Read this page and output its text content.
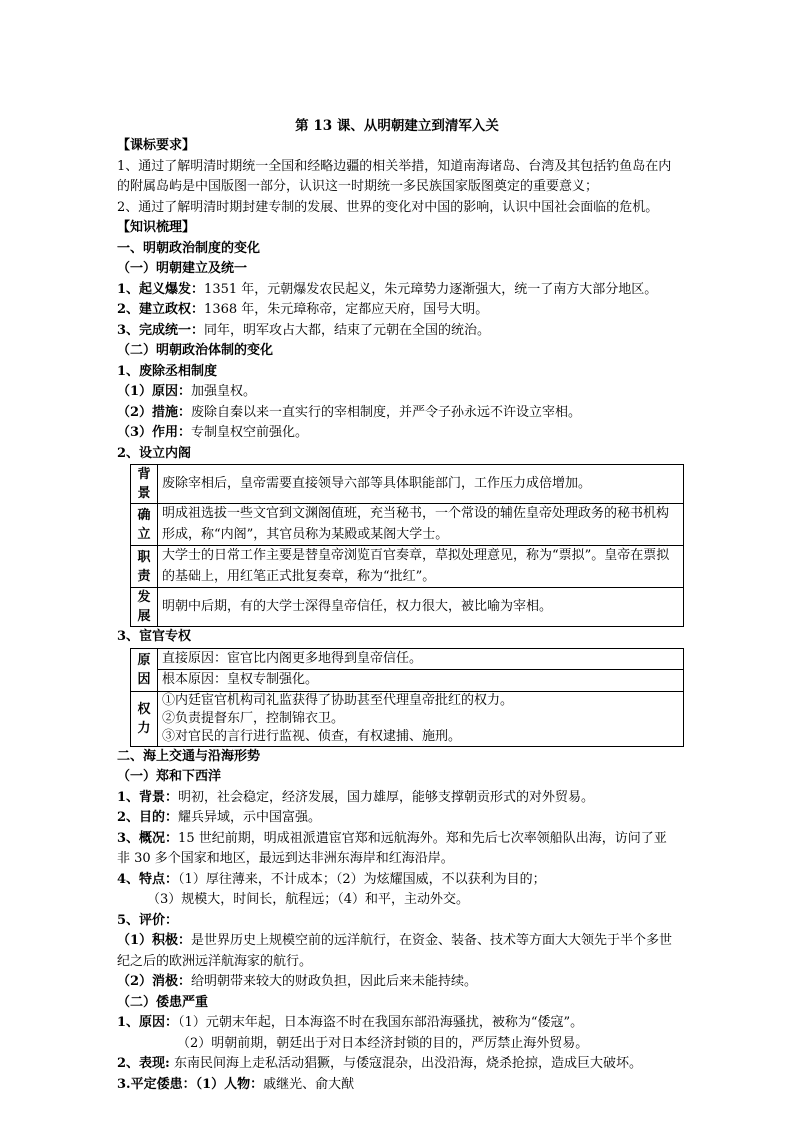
第 13 课、从明朝建立到清军入关
【课标要求】
1、通过了解明清时期统一全国和经略边疆的相关举措，知道南海诸岛、台湾及其包括钓鱼岛在内的附属岛屿是中国版图一部分，认识这一时期统一多民族国家版图奠定的重要意义；
2、通过了解明清时期封建专制的发展、世界的变化对中国的影响，认识中国社会面临的危机。
【知识梳理】
一、明朝政治制度的变化
（一）明朝建立及统一
1、起义爆发：1351 年，元朝爆发农民起义，朱元璋势力逐渐强大，统一了南方大部分地区。
2、建立政权：1368 年，朱元璋称帝，定都应天府，国号大明。
3、完成统一：同年，明军攻占大都，结束了元朝在全国的统治。
（二）明朝政治体制的变化
1、废除丞相制度
（1）原因：加强皇权。
（2）措施：废除自秦以来一直实行的宰相制度，并严令子孙永远不许设立宰相。
（3）作用：专制皇权空前强化。
2、设立内阁
背景	废除宰相后，皇帝需要直接领导六部等具体职能部门，工作压力成倍增加。
确立	明成祖选拔一些文官到文渊阁值班，充当秘书，一个常设的辅佐皇帝处理政务的秘书机构形成，称“内阁”，其官员称为某殿或某阁大学士。
职责	大学士的日常工作主要是替皇帝浏览百官奏章，草拟处理意见，称为“票拟”。皇帝在票拟的基础上，用红笔正式批复奏章，称为“批红”。
发展	明朝中后期，有的大学士深得皇帝信任，权力很大，被比喻为宰相。
3、宦官专权
原因	直接原因：宦官比内阁更多地得到皇帝信任。
	根本原因：皇权专制强化。
权力	①内廷宦官机构司礼监获得了协助甚至代理皇帝批红的权力。
②负责提督东厂，控制锦衣卫。
③对官民的言行进行监视、侦查，有权逮捕、施刑。
二、海上交通与沿海形势
（一）郑和下西洋
1、背景：明初，社会稳定，经济发展，国力雄厚，能够支撑朝贡形式的对外贸易。
2、目的：耀兵异域，示中国富强。
3、概况：15 世纪前期，明成祖派遣宦官郑和远航海外。郑和先后七次率领船队出海，访问了亚非 30 多个国家和地区，最远到达非洲东海岸和红海沿岸。
4、特点：（1）厚往薄来，不计成本；（2）为炫耀国威，不以获利为目的；
（3）规模大，时间长，航程远；（4）和平，主动外交。
5、评价：
（1）积极：是世界历史上规模空前的远洋航行，在资金、装备、技术等方面大大领先于半个多世纪之后的欧洲远洋航海家的航行。
（2）消极：给明朝带来较大的财政负担，因此后来未能持续。
（二）倭患严重
1、原因：（1）元朝末年起，日本海盗不时在我国东部沿海骚扰，被称为“倭寇”。
（2）明朝前期，朝廷出于对日本经济封锁的目的，严厉禁止海外贸易。
2、表现: 东南民间海上走私活动猖獗，与倭寇混杂，出没沿海，烧杀抢掠，造成巨大破坏。
3.平定倭患：（1）人物：戚继光、俞大猷
